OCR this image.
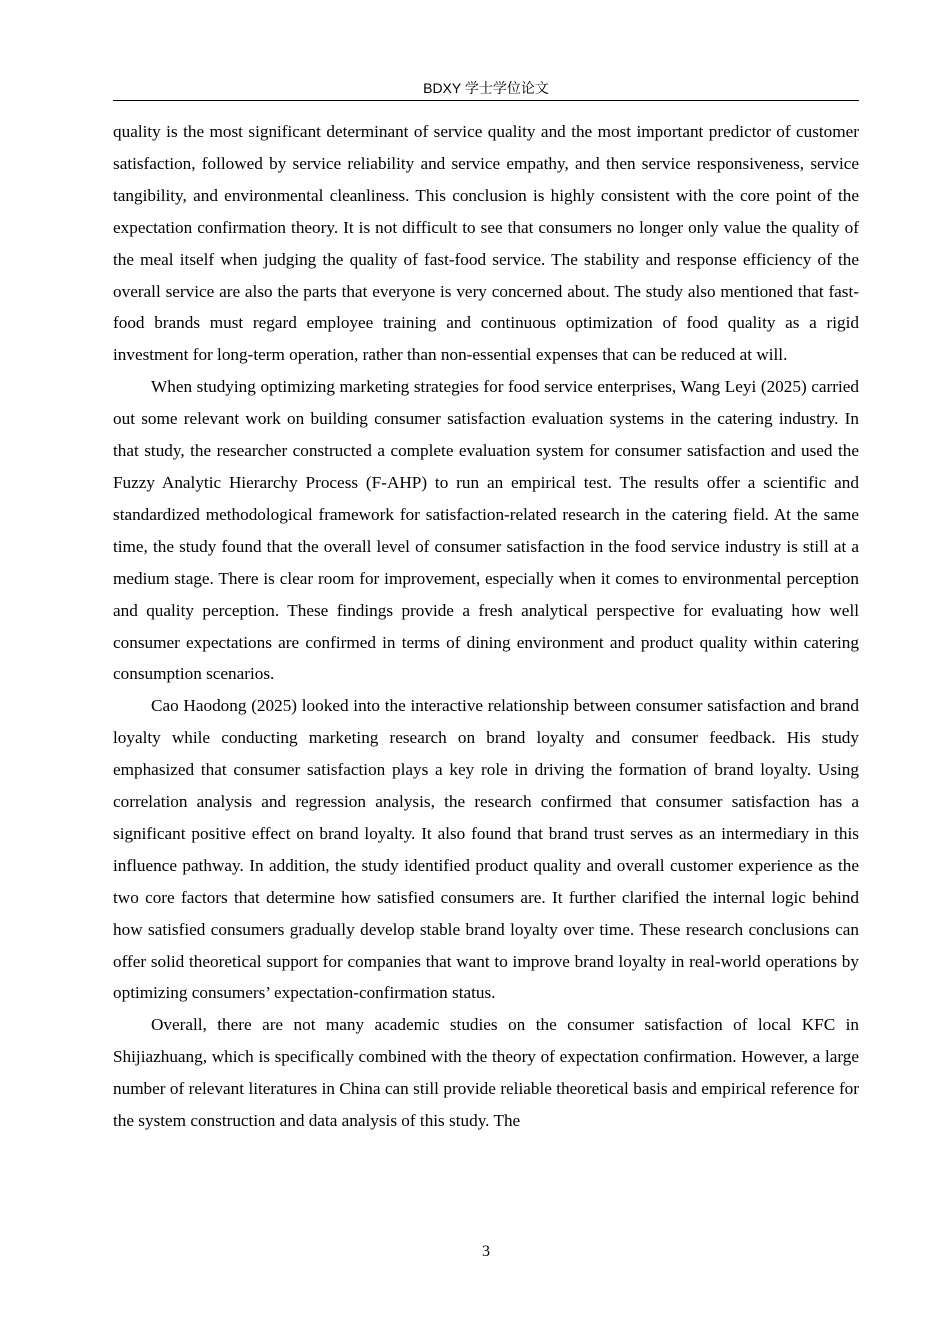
BDXY 学士学位论文

quality is the most significant determinant of service quality and the most important predictor of customer satisfaction, followed by service reliability and service empathy, and then service responsiveness, service tangibility, and environmental cleanliness. This conclusion is highly consistent with the core point of the expectation confirmation theory. It is not difficult to see that consumers no longer only value the quality of the meal itself when judging the quality of fast-food service. The stability and response efficiency of the overall service are also the parts that everyone is very concerned about. The study also mentioned that fast-food brands must regard employee training and continuous optimization of food quality as a rigid investment for long-term operation, rather than non-essential expenses that can be reduced at will.

When studying optimizing marketing strategies for food service enterprises, Wang Leyi (2025) carried out some relevant work on building consumer satisfaction evaluation systems in the catering industry. In that study, the researcher constructed a complete evaluation system for consumer satisfaction and used the Fuzzy Analytic Hierarchy Process (F-AHP) to run an empirical test. The results offer a scientific and standardized methodological framework for satisfaction-related research in the catering field. At the same time, the study found that the overall level of consumer satisfaction in the food service industry is still at a medium stage. There is clear room for improvement, especially when it comes to environmental perception and quality perception. These findings provide a fresh analytical perspective for evaluating how well consumer expectations are confirmed in terms of dining environment and product quality within catering consumption scenarios.

Cao Haodong (2025) looked into the interactive relationship between consumer satisfaction and brand loyalty while conducting marketing research on brand loyalty and consumer feedback. His study emphasized that consumer satisfaction plays a key role in driving the formation of brand loyalty. Using correlation analysis and regression analysis, the research confirmed that consumer satisfaction has a significant positive effect on brand loyalty. It also found that brand trust serves as an intermediary in this influence pathway. In addition, the study identified product quality and overall customer experience as the two core factors that determine how satisfied consumers are. It further clarified the internal logic behind how satisfied consumers gradually develop stable brand loyalty over time. These research conclusions can offer solid theoretical support for companies that want to improve brand loyalty in real-world operations by optimizing consumers’ expectation-confirmation status.

Overall, there are not many academic studies on the consumer satisfaction of local KFC in Shijiazhuang, which is specifically combined with the theory of expectation confirmation. However, a large number of relevant literatures in China can still provide reliable theoretical basis and empirical reference for the system construction and data analysis of this study. The

3
